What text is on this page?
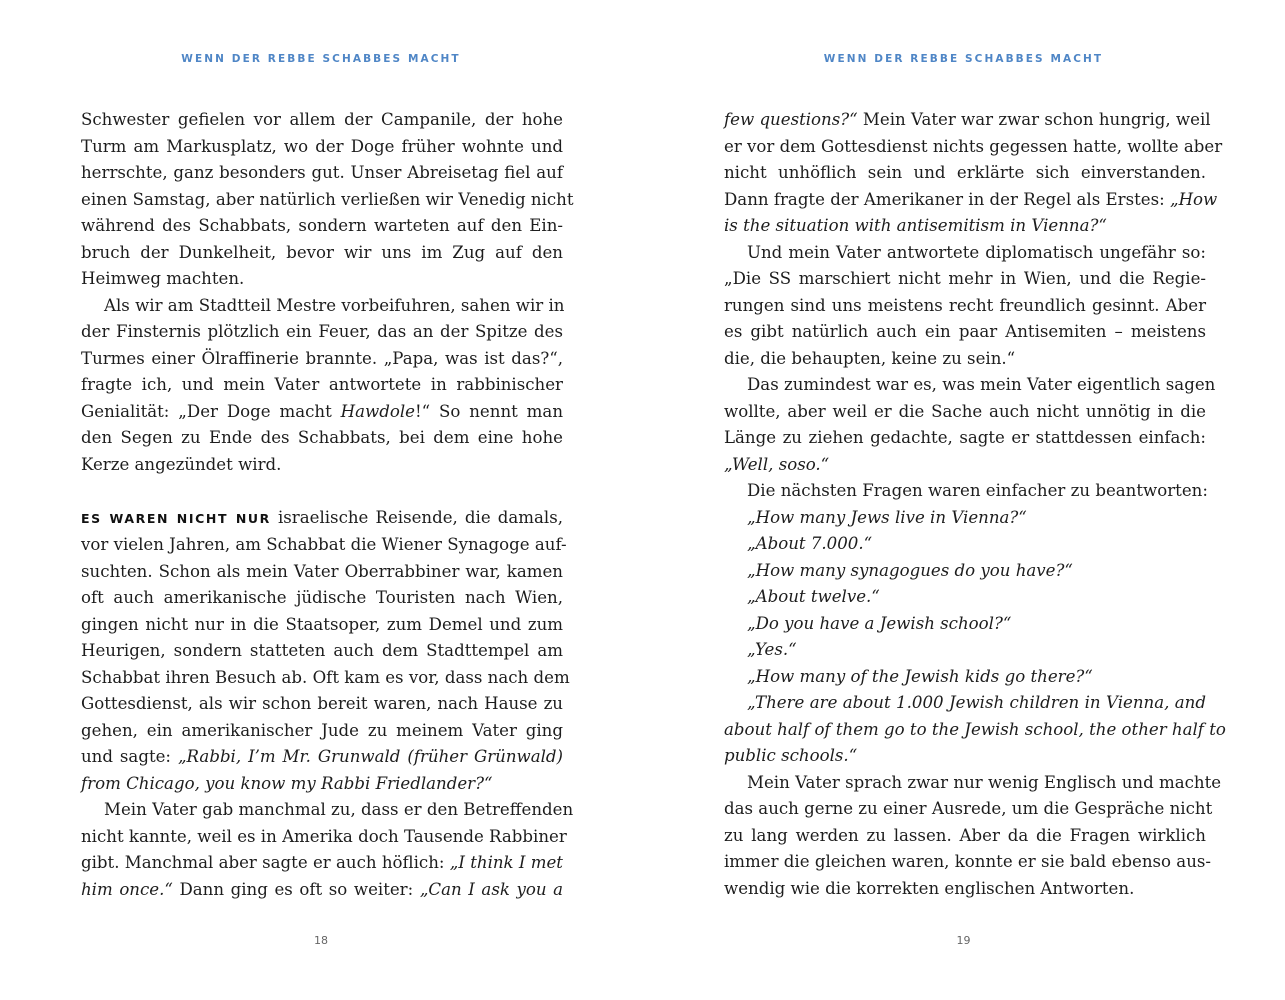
WENN DER REBBE SCHABBES MACHT
Schwester gefielen vor allem der Campanile, der hohe
Turm am Markusplatz, wo der Doge früher wohnte und
herrschte, ganz besonders gut. Unser Abreisetag fiel auf
einen Samstag, aber natürlich verließen wir Venedig nicht
während des Schabbats, sondern warteten auf den Ein-
bruch der Dunkelheit, bevor wir uns im Zug auf den
Heimweg machten.
Als wir am Stadtteil Mestre vorbeifuhren, sahen wir in
der Finsternis plötzlich ein Feuer, das an der Spitze des
Turmes einer Ölraffinerie brannte. „Papa, was ist das?“,
fragte ich, und mein Vater antwortete in rabbinischer
Genialität: „Der Doge macht Hawdole!“ So nennt man
den Segen zu Ende des Schabbats, bei dem eine hohe
Kerze angezündet wird.
ES WAREN NICHT NUR israelische Reisende, die damals,
vor vielen Jahren, am Schabbat die Wiener Synagoge auf-
suchten. Schon als mein Vater Oberrabbiner war, kamen
oft auch amerikanische jüdische Touristen nach Wien,
gingen nicht nur in die Staatsoper, zum Demel und zum
Heurigen, sondern statteten auch dem Stadttempel am
Schabbat ihren Besuch ab. Oft kam es vor, dass nach dem
Gottesdienst, als wir schon bereit waren, nach Hause zu
gehen, ein amerikanischer Jude zu meinem Vater ging
und sagte: „Rabbi, I’m Mr. Grunwald (früher Grünwald)
from Chicago, you know my Rabbi Friedlander?“
Mein Vater gab manchmal zu, dass er den Betreffenden
nicht kannte, weil es in Amerika doch Tausende Rabbiner
gibt. Manchmal aber sagte er auch höflich: „I think I met
him once.“ Dann ging es oft so weiter: „Can I ask you a
18
WENN DER REBBE SCHABBES MACHT
few questions?“ Mein Vater war zwar schon hungrig, weil
er vor dem Gottesdienst nichts gegessen hatte, wollte aber
nicht unhöflich sein und erklärte sich einverstanden.
Dann fragte der Amerikaner in der Regel als Erstes: „How
is the situation with antisemitism in Vienna?“
Und mein Vater antwortete diplomatisch ungefähr so:
„Die SS marschiert nicht mehr in Wien, und die Regie-
rungen sind uns meistens recht freundlich gesinnt. Aber
es gibt natürlich auch ein paar Antisemiten – meistens
die, die behaupten, keine zu sein.“
Das zumindest war es, was mein Vater eigentlich sagen
wollte, aber weil er die Sache auch nicht unnötig in die
Länge zu ziehen gedachte, sagte er stattdessen einfach:
„Well, soso.“
Die nächsten Fragen waren einfacher zu beantworten:
„How many Jews live in Vienna?“
„About 7.000.“
„How many synagogues do you have?“
„About twelve.“
„Do you have a Jewish school?“
„Yes.“
„How many of the Jewish kids go there?“
„There are about 1.000 Jewish children in Vienna, and
about half of them go to the Jewish school, the other half to
public schools.“
Mein Vater sprach zwar nur wenig Englisch und machte
das auch gerne zu einer Ausrede, um die Gespräche nicht
zu lang werden zu lassen. Aber da die Fragen wirklich
immer die gleichen waren, konnte er sie bald ebenso aus-
wendig wie die korrekten englischen Antworten.
19
